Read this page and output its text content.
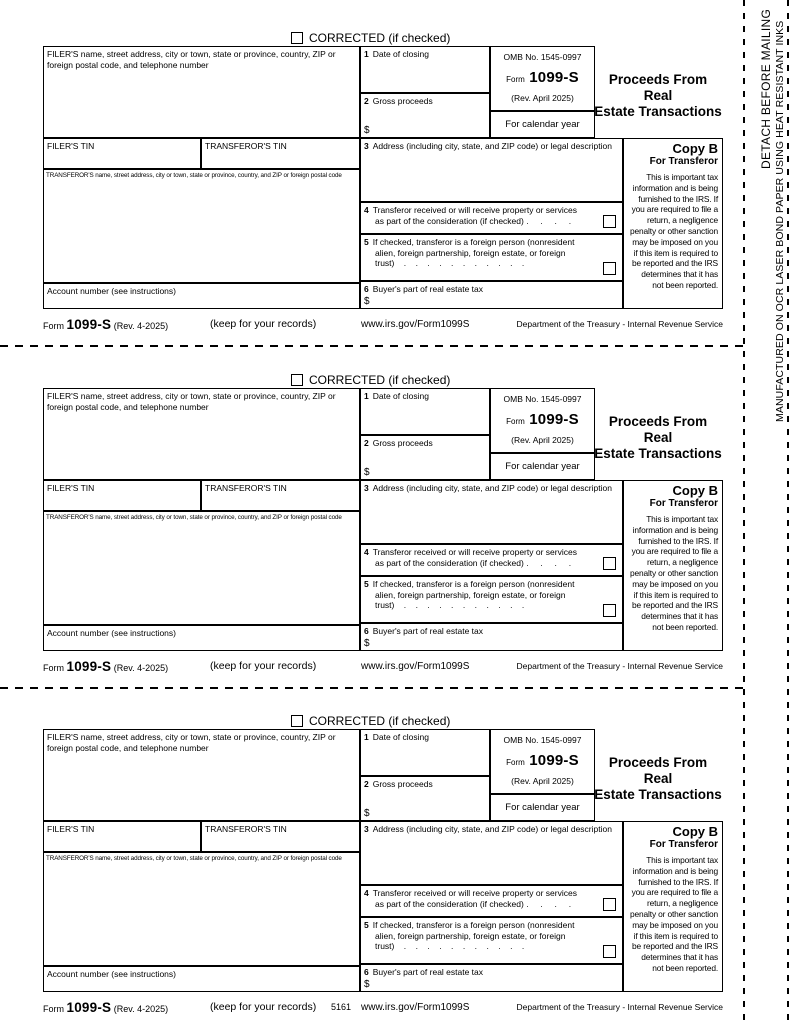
CORRECTED (if checked)
FILER'S name, street address, city or town, state or province, country, ZIP or foreign postal code, and telephone number
FILER'S TIN	TRANSFEROR'S TIN
TRANSFEROR'S name, street address, city or town, state or province, country, and ZIP or foreign postal code
Account number (see instructions)
1 Date of closing
2 Gross proceeds
$
OMB No. 1545-0997
Form 1099-S
(Rev. April 2025)
For calendar year
Proceeds From Real
Estate Transactions
3 Address (including city, state, and ZIP code) or legal description
4 Transferor received or will receive property or services
as part of the consideration (if checked) .     .     .     .
5 If checked, transferor is a foreign person (nonresident
alien, foreign partnership, foreign estate, or foreign
trust)    .    .    .    .    .    .    .    .    .    .    .
6 Buyer's part of real estate tax
$
Copy B
For Transferor
This is important tax information and is being furnished to the IRS. If you are required to file a return, a negligence penalty or other sanction may be imposed on you if this item is required to be reported and the IRS determines that it has not been reported.
Form 1099-S (Rev. 4-2025)	(keep for your records)	www.irs.gov/Form1099S	Department of the Treasury - Internal Revenue Service
CORRECTED (if checked)
FILER'S name, street address, city or town, state or province, country, ZIP or foreign postal code, and telephone number
FILER'S TIN	TRANSFEROR'S TIN
TRANSFEROR'S name, street address, city or town, state or province, country, and ZIP or foreign postal code
Account number (see instructions)
1 Date of closing
2 Gross proceeds
$
OMB No. 1545-0997
Form 1099-S
(Rev. April 2025)
For calendar year
Proceeds From Real
Estate Transactions
3 Address (including city, state, and ZIP code) or legal description
4 Transferor received or will receive property or services
as part of the consideration (if checked) .     .     .     .
5 If checked, transferor is a foreign person (nonresident
alien, foreign partnership, foreign estate, or foreign
trust)    .    .    .    .    .    .    .    .    .    .    .
6 Buyer's part of real estate tax
$
Copy B
For Transferor
This is important tax information and is being furnished to the IRS. If you are required to file a return, a negligence penalty or other sanction may be imposed on you if this item is required to be reported and the IRS determines that it has not been reported.
Form 1099-S (Rev. 4-2025)	(keep for your records)	www.irs.gov/Form1099S	Department of the Treasury - Internal Revenue Service
CORRECTED (if checked)
FILER'S name, street address, city or town, state or province, country, ZIP or foreign postal code, and telephone number
FILER'S TIN	TRANSFEROR'S TIN
TRANSFEROR'S name, street address, city or town, state or province, country, and ZIP or foreign postal code
Account number (see instructions)
1 Date of closing
2 Gross proceeds
$
OMB No. 1545-0997
Form 1099-S
(Rev. April 2025)
For calendar year
Proceeds From Real
Estate Transactions
3 Address (including city, state, and ZIP code) or legal description
4 Transferor received or will receive property or services
as part of the consideration (if checked) .     .     .     .
5 If checked, transferor is a foreign person (nonresident
alien, foreign partnership, foreign estate, or foreign
trust)    .    .    .    .    .    .    .    .    .    .    .
6 Buyer's part of real estate tax
$
Copy B
For Transferor
This is important tax information and is being furnished to the IRS. If you are required to file a return, a negligence penalty or other sanction may be imposed on you if this item is required to be reported and the IRS determines that it has not been reported.
Form 1099-S (Rev. 4-2025)	(keep for your records) 5161 www.irs.gov/Form1099S	Department of the Treasury - Internal Revenue Service
DETACH BEFORE MAILING MANUFACTURED ON OCR LASER BOND PAPER USING HEAT RESISTANT INKS
